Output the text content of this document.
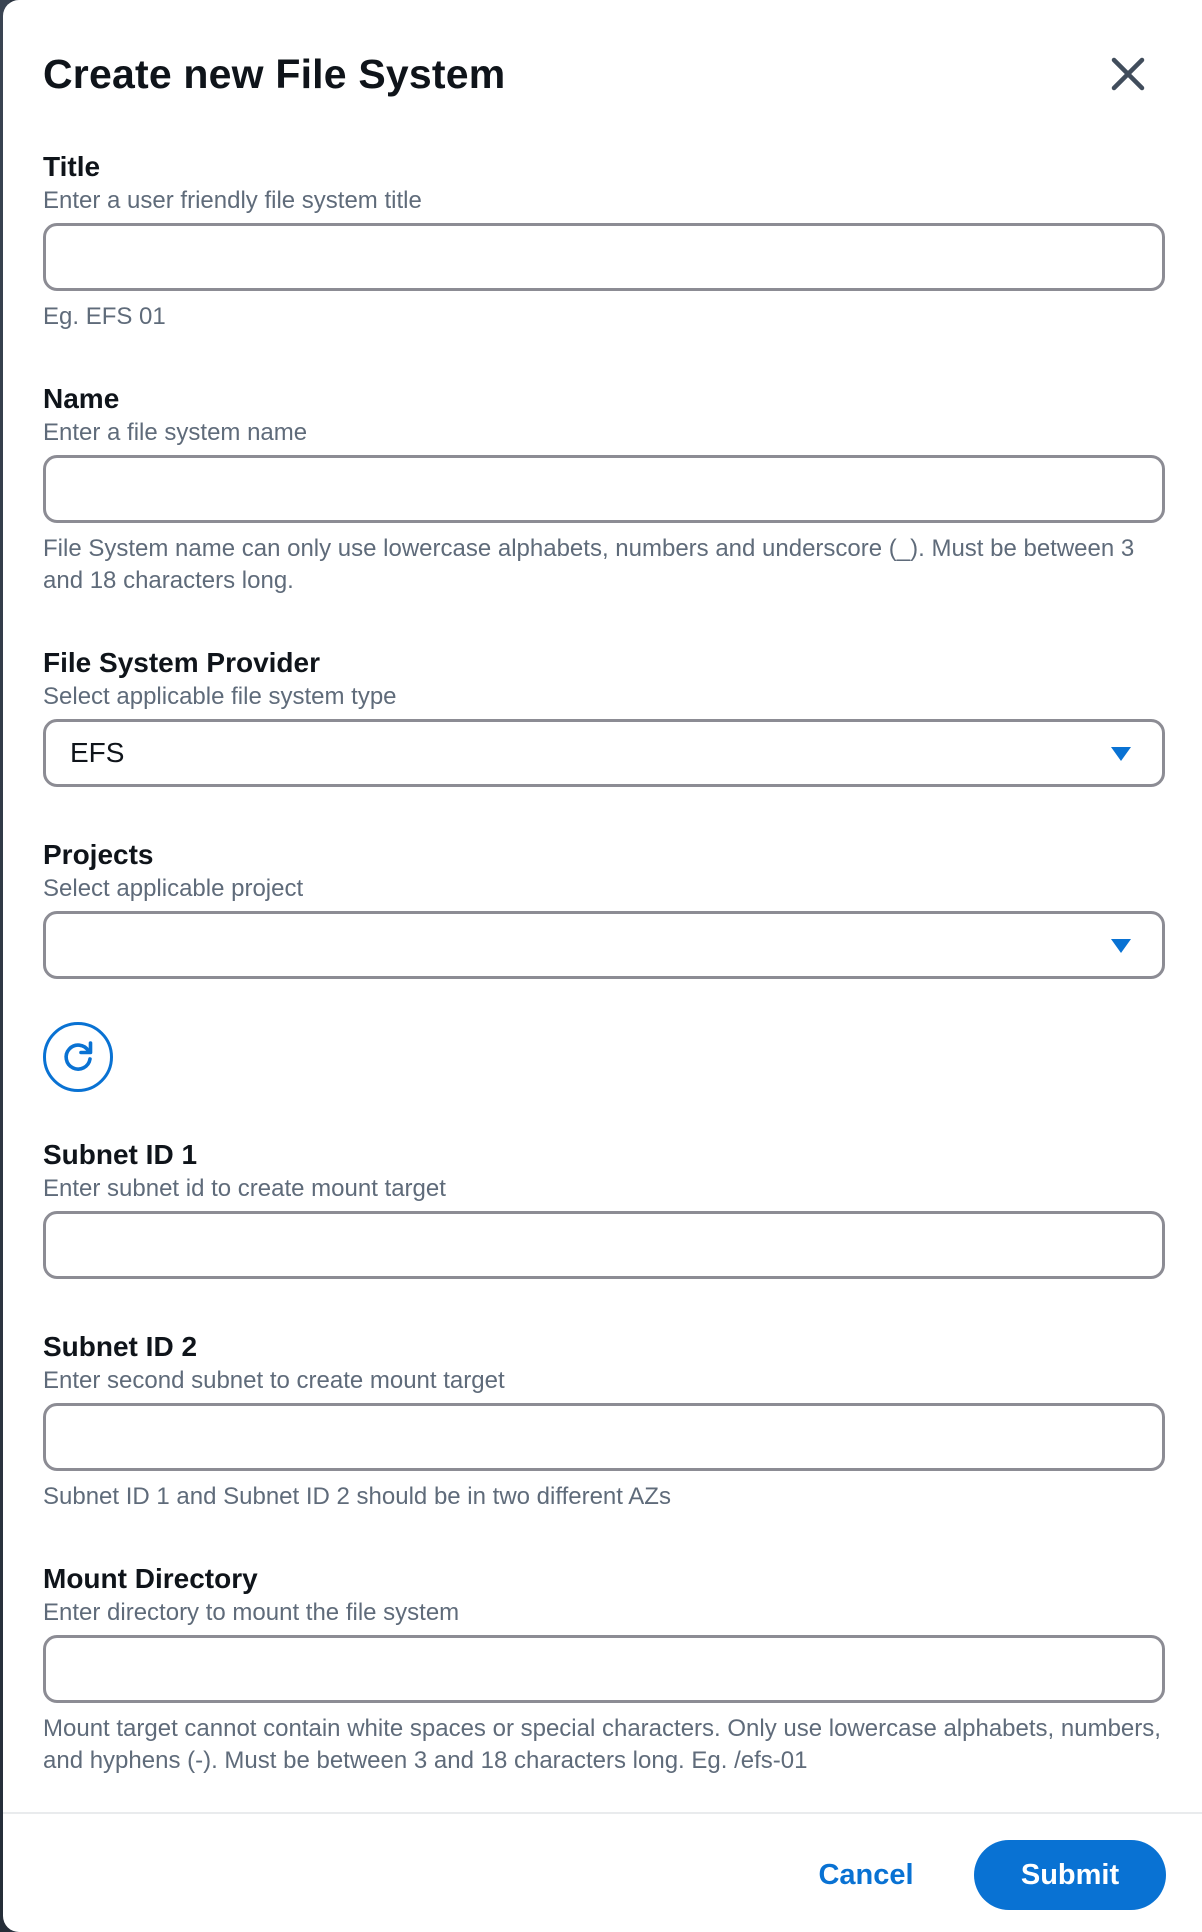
Create new File System
Title
Enter a user friendly file system title
Eg. EFS 01
Name
Enter a file system name
File System name can only use lowercase alphabets, numbers and underscore (_). Must be between 3 and 18 characters long.
File System Provider
Select applicable file system type
EFS
Projects
Select applicable project
Subnet ID 1
Enter subnet id to create mount target
Subnet ID 2
Enter second subnet to create mount target
Subnet ID 1 and Subnet ID 2 should be in two different AZs
Mount Directory
Enter directory to mount the file system
Mount target cannot contain white spaces or special characters. Only use lowercase alphabets, numbers, and hyphens (-). Must be between 3 and 18 characters long. Eg. /efs-01
Cancel	Submit
